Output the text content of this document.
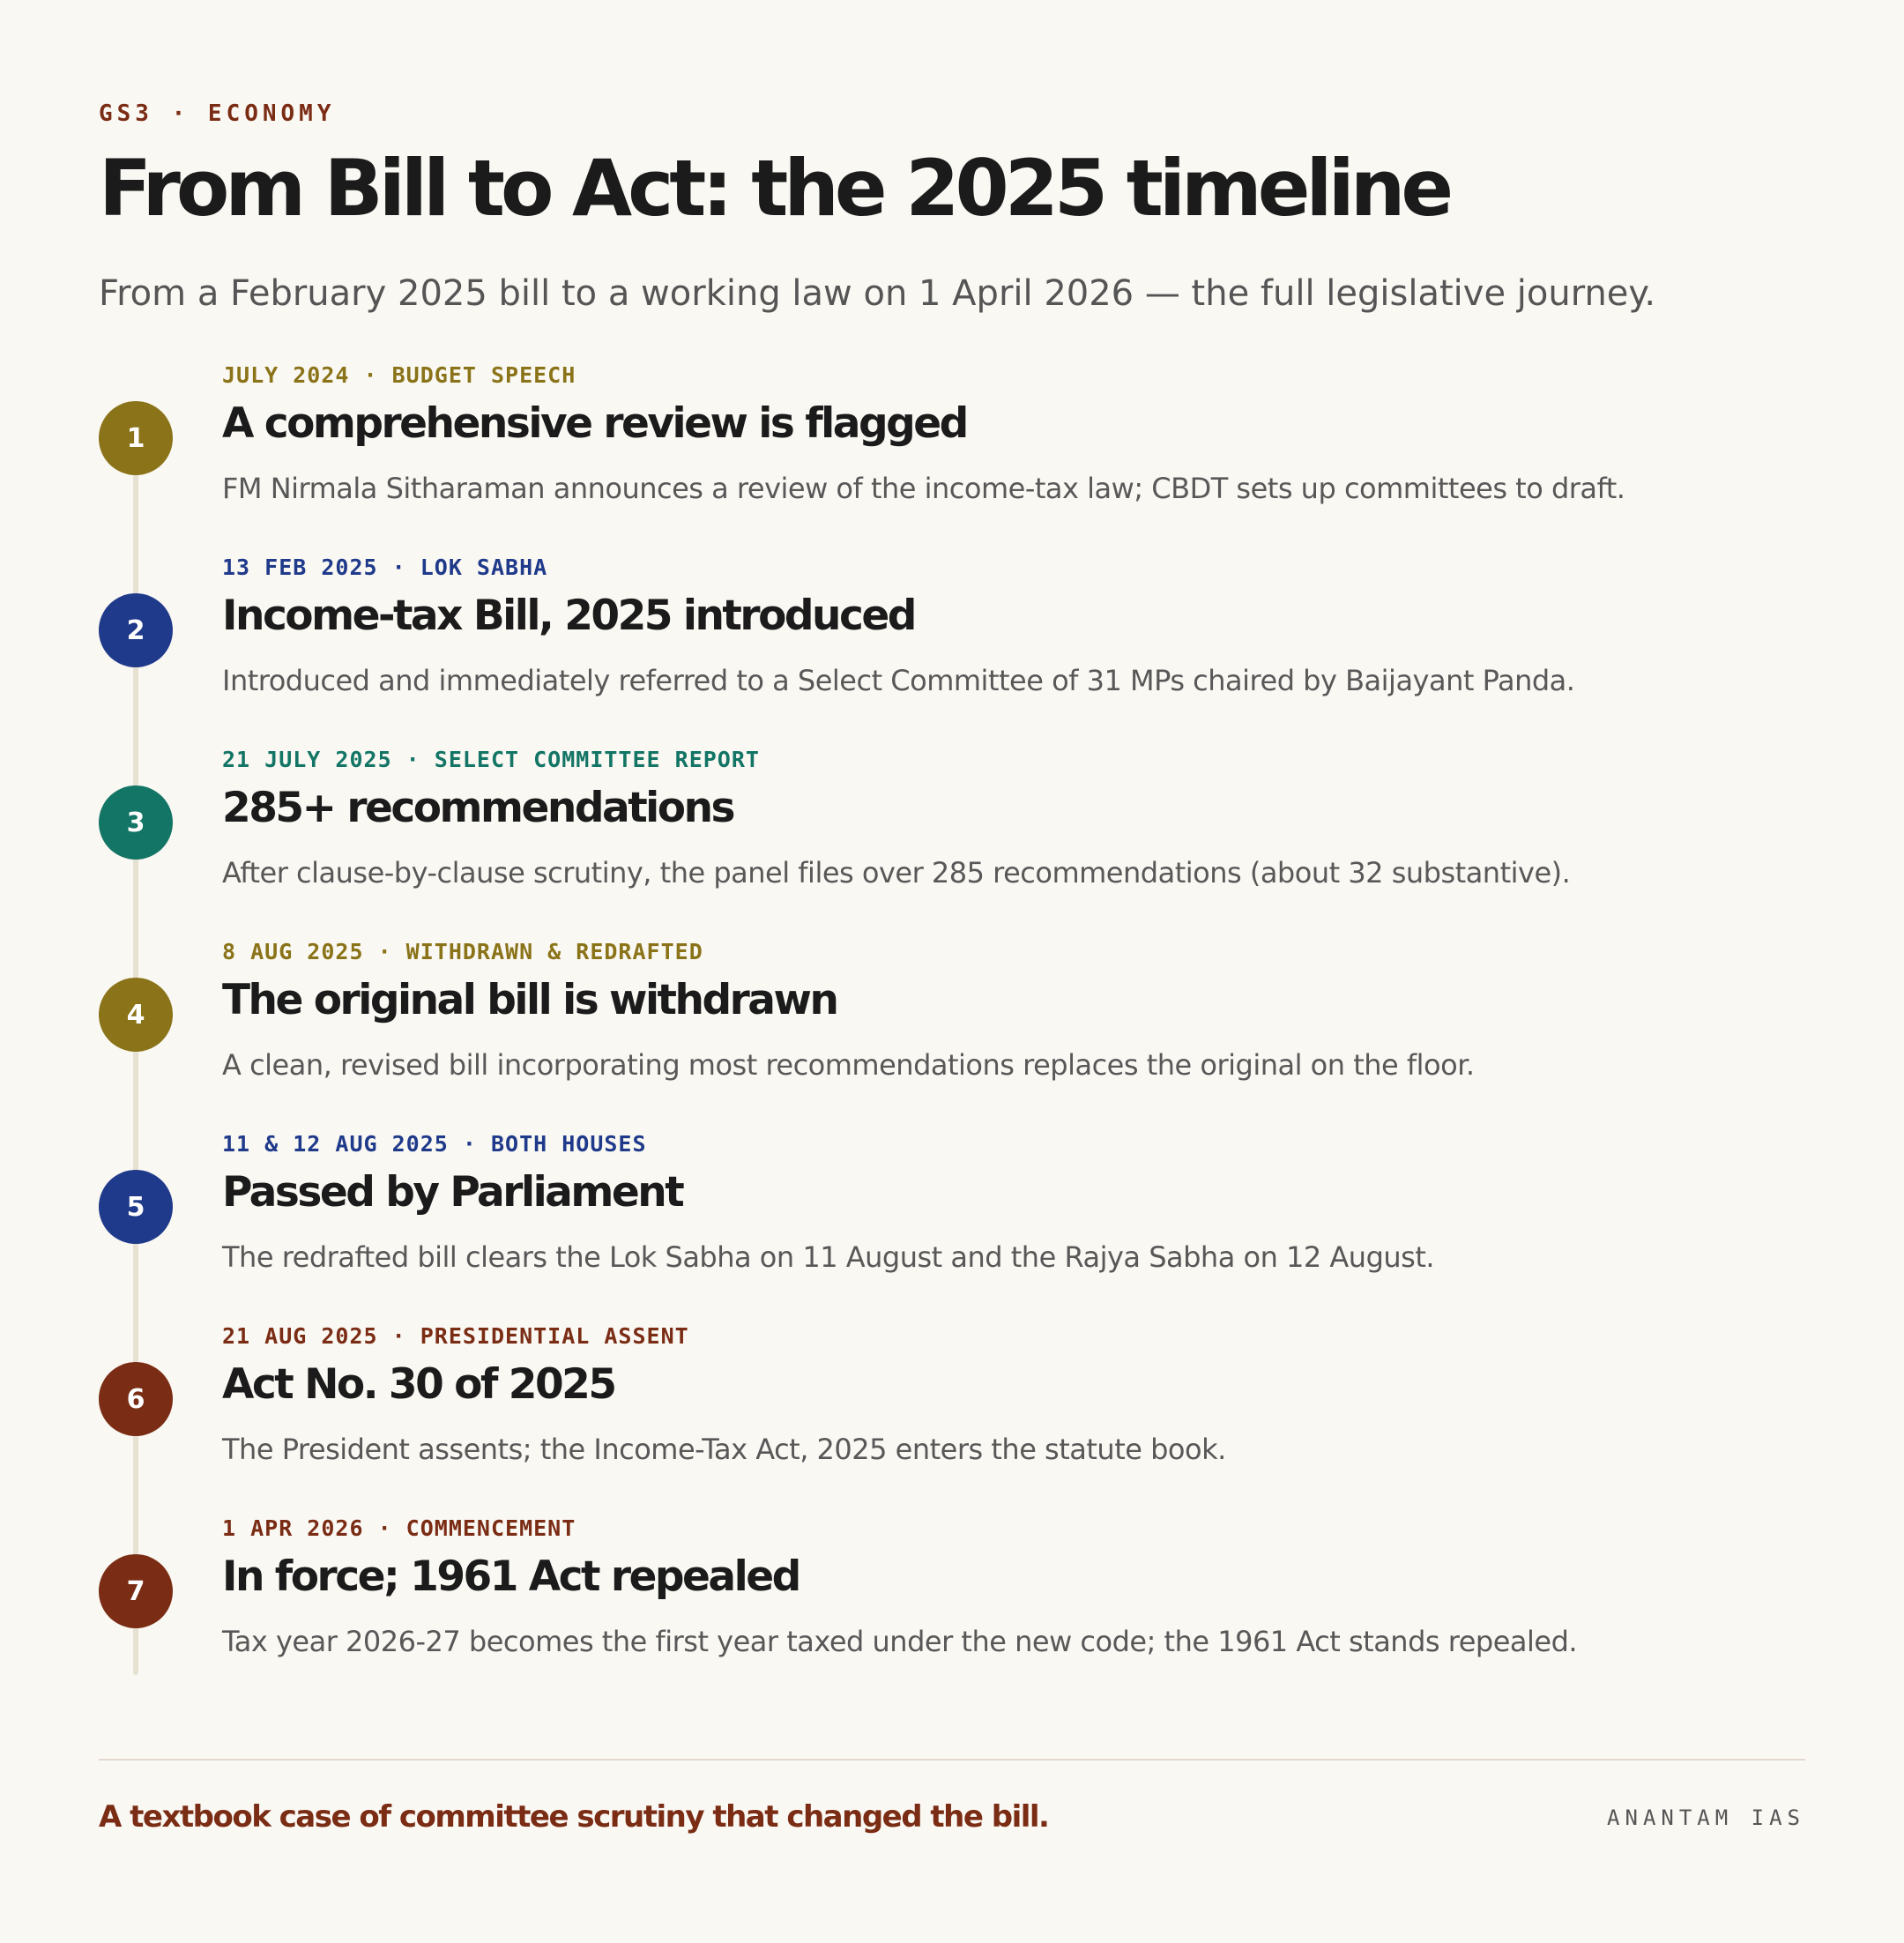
GS3 · ECONOMY
From Bill to Act: the 2025 timeline
From a February 2025 bill to a working law on 1 April 2026 — the full legislative journey.
1
JULY 2024 · BUDGET SPEECH
A comprehensive review is flagged
FM Nirmala Sitharaman announces a review of the income-tax law; CBDT sets up committees to draft.
2
13 FEB 2025 · LOK SABHA
Income-tax Bill, 2025 introduced
Introduced and immediately referred to a Select Committee of 31 MPs chaired by Baijayant Panda.
3
21 JULY 2025 · SELECT COMMITTEE REPORT
285+ recommendations
After clause-by-clause scrutiny, the panel files over 285 recommendations (about 32 substantive).
4
8 AUG 2025 · WITHDRAWN & REDRAFTED
The original bill is withdrawn
A clean, revised bill incorporating most recommendations replaces the original on the floor.
5
11 & 12 AUG 2025 · BOTH HOUSES
Passed by Parliament
The redrafted bill clears the Lok Sabha on 11 August and the Rajya Sabha on 12 August.
6
21 AUG 2025 · PRESIDENTIAL ASSENT
Act No. 30 of 2025
The President assents; the Income-Tax Act, 2025 enters the statute book.
7
1 APR 2026 · COMMENCEMENT
In force; 1961 Act repealed
Tax year 2026-27 becomes the first year taxed under the new code; the 1961 Act stands repealed.
A textbook case of committee scrutiny that changed the bill.	ANANTAM IAS
